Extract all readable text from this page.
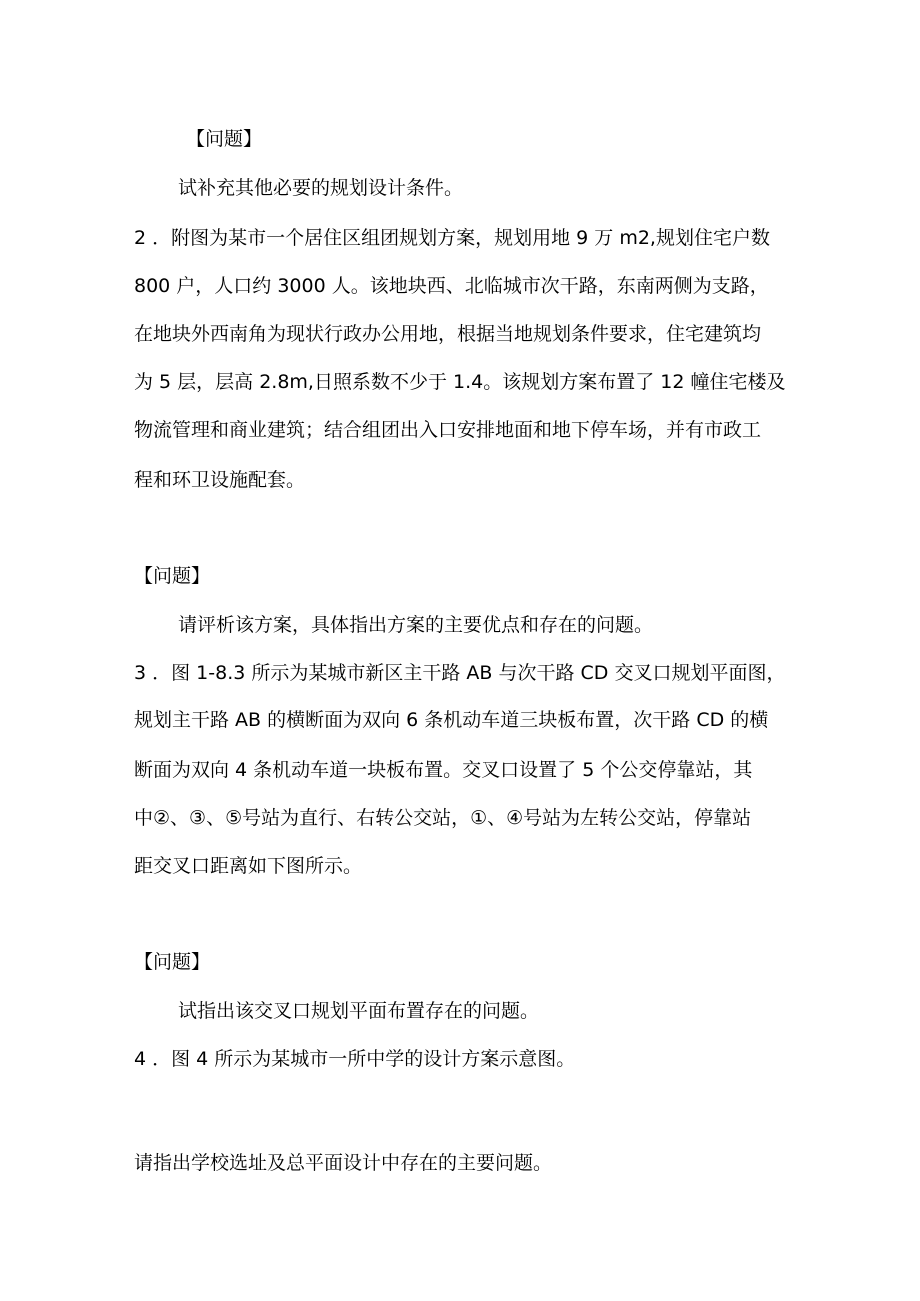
【问题】

试补充其他必要的规划设计条件。

2 ．附图为某市一个居住区组团规划方案，规划用地 9 万 m2,规划住宅户数

800 户，人口约 3000 人。该地块西、北临城市次干路，东南两侧为支路，

在地块外西南角为现状行政办公用地，根据当地规划条件要求，住宅建筑均

为 5 层，层高 2.8m,日照系数不少于 1.4。该规划方案布置了 12 幢住宅楼及

物流管理和商业建筑；结合组团出入口安排地面和地下停车场，并有市政工

程和环卫设施配套。

【问题】

请评析该方案，具体指出方案的主要优点和存在的问题。

3 ．图 1-8.3 所示为某城市新区主干路 AB 与次干路 CD 交叉口规划平面图，

规划主干路 AB 的横断面为双向 6 条机动车道三块板布置，次干路 CD 的横

断面为双向 4 条机动车道一块板布置。交叉口设置了 5 个公交停靠站，其

中②、③、⑤号站为直行、右转公交站，①、④号站为左转公交站，停靠站

距交叉口距离如下图所示。

【问题】

试指出该交叉口规划平面布置存在的问题。

4 ．图 4 所示为某城市一所中学的设计方案示意图。

请指出学校选址及总平面设计中存在的主要问题。
